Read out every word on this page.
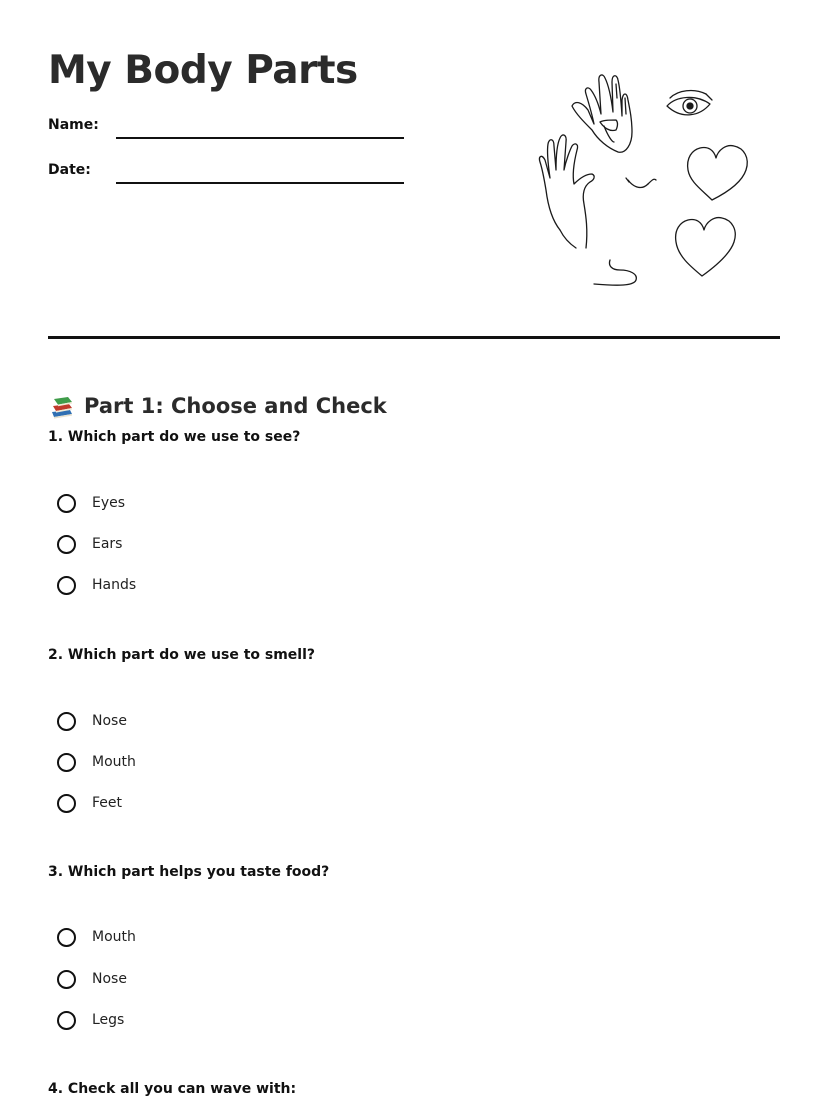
My Body Parts
Name:
Date:
Part 1: Choose and Check
1. Which part do we use to see?
Eyes
Ears
Hands
2. Which part do we use to smell?
Nose
Mouth
Feet
3. Which part helps you taste food?
Mouth
Nose
Legs
4. Check all you can wave with:
